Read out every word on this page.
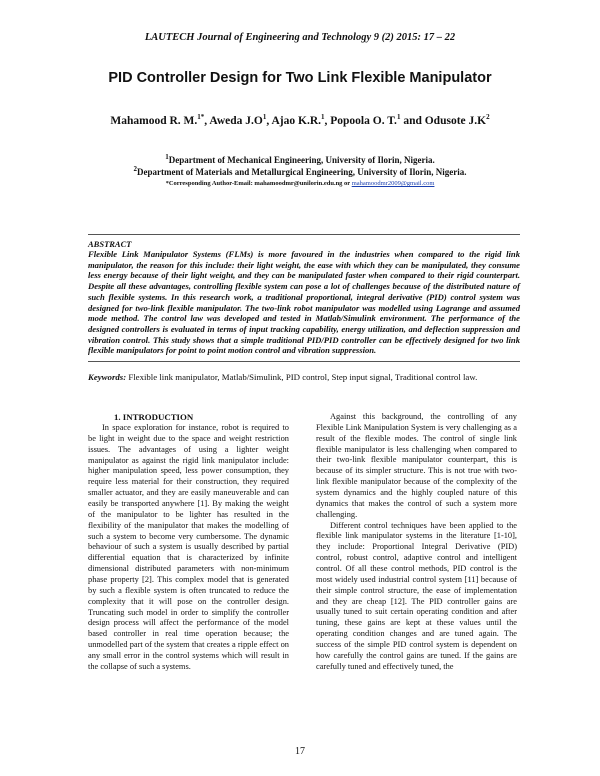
LAUTECH Journal of Engineering and Technology 9 (2) 2015: 17 – 22
PID Controller Design for Two Link Flexible Manipulator
Mahamood R. M.$^{1*}$, Aweda $J.O^1$, Ajao K.R.$^1$, Popoola O. T.$^1$ and Odusote $J.K^2$
$^1$Department of Mechanical Engineering, University of Ilorin, Nigeria.
$^2$Department of Materials and Metallurgical Engineering, University of Ilorin, Nigeria.
*Corresponding Author-Email: mahamoodmr@unilorin.edu.ng or mahamoodmr2009@gmail.com
ABSTRACT

Flexible Link Manipulator Systems (FLMs) is more favoured in the industries when compared to the rigid link manipulator, the reason for this include: their light weight, the ease with which they can be manipulated, they consume less energy because of their light weight, and they can be manipulated faster when compared to their rigid counterpart. Despite all these advantages, controlling flexible system can pose a lot of challenges because of the distributed nature of such flexible systems. In this research work, a traditional proportional, integral derivative (PID) control system was designed for two-link flexible manipulator. The two-link robot manipulator was modelled using Lagrange and assumed mode method. The control law was developed and tested in Matlab/Simulink environment. The performance of the designed controllers is evaluated in terms of input tracking capability, energy utilization, and deflection suppression and vibration control. This study shows that a simple traditional PID/PID controller can be effectively designed for two link flexible manipulators for point to point motion control and vibration suppression.

Keywords: Flexible link manipulator, Matlab/Simulink, PID control, Step input signal, Traditional control law.
1. INTRODUCTION

In space exploration for instance, robot is required to be light in weight due to the space and weight restriction issues. The advantages of using a lighter weight manipulator as against the rigid link manipulator include: higher manipulation speed, less power consumption, they require less material for their construction, they required smaller actuator, and they are easily maneuverable and can easily be transported anywhere [1]. By making the weight of the manipulator to be lighter has resulted in the flexibility of the manipulator that makes the modelling of such a system to become very cumbersome. The dynamic behaviour of such a system is usually described by partial differential equation that is characterized by infinite dimensional distributed parameters with non-minimum phase property [2]. This complex model that is generated by such a flexible system is often truncated to reduce the complexity that it will pose on the controller design. Truncating such model in order to simplify the controller design process will affect the performance of the model based controller in real time operation because; the unmodelled part of the system that creates a ripple effect on any small error in the control systems which will result in the collapse of such a systems.

Against this background, the controlling of any Flexible Link Manipulation System is very challenging as a result of the flexible modes. The control of single link flexible manipulator is less challenging when compared to their two-link flexible manipulator counterpart, this is because of its simpler structure. This is not true with two-link flexible manipulator because of the complexity of the system dynamics and the highly coupled nature of this dynamics that makes the control of such a system more challenging.

Different control techniques have been applied to the flexible link manipulator systems in the literature [1-10], they include: Proportional Integral Derivative (PID) control, robust control, adaptive control and intelligent control. Of all these control methods, PID control is the most widely used industrial control system [11] because of their simple control structure, the ease of implementation and they are cheap [12]. The PID controller gains are usually tuned to suit certain operating condition and after tuning, these gains are kept at these values until the operating condition changes and are tuned again. The success of the simple PID control system is dependent on how carefully the control gains are tuned. If the gains are carefully tuned and effectively tuned, the

17
